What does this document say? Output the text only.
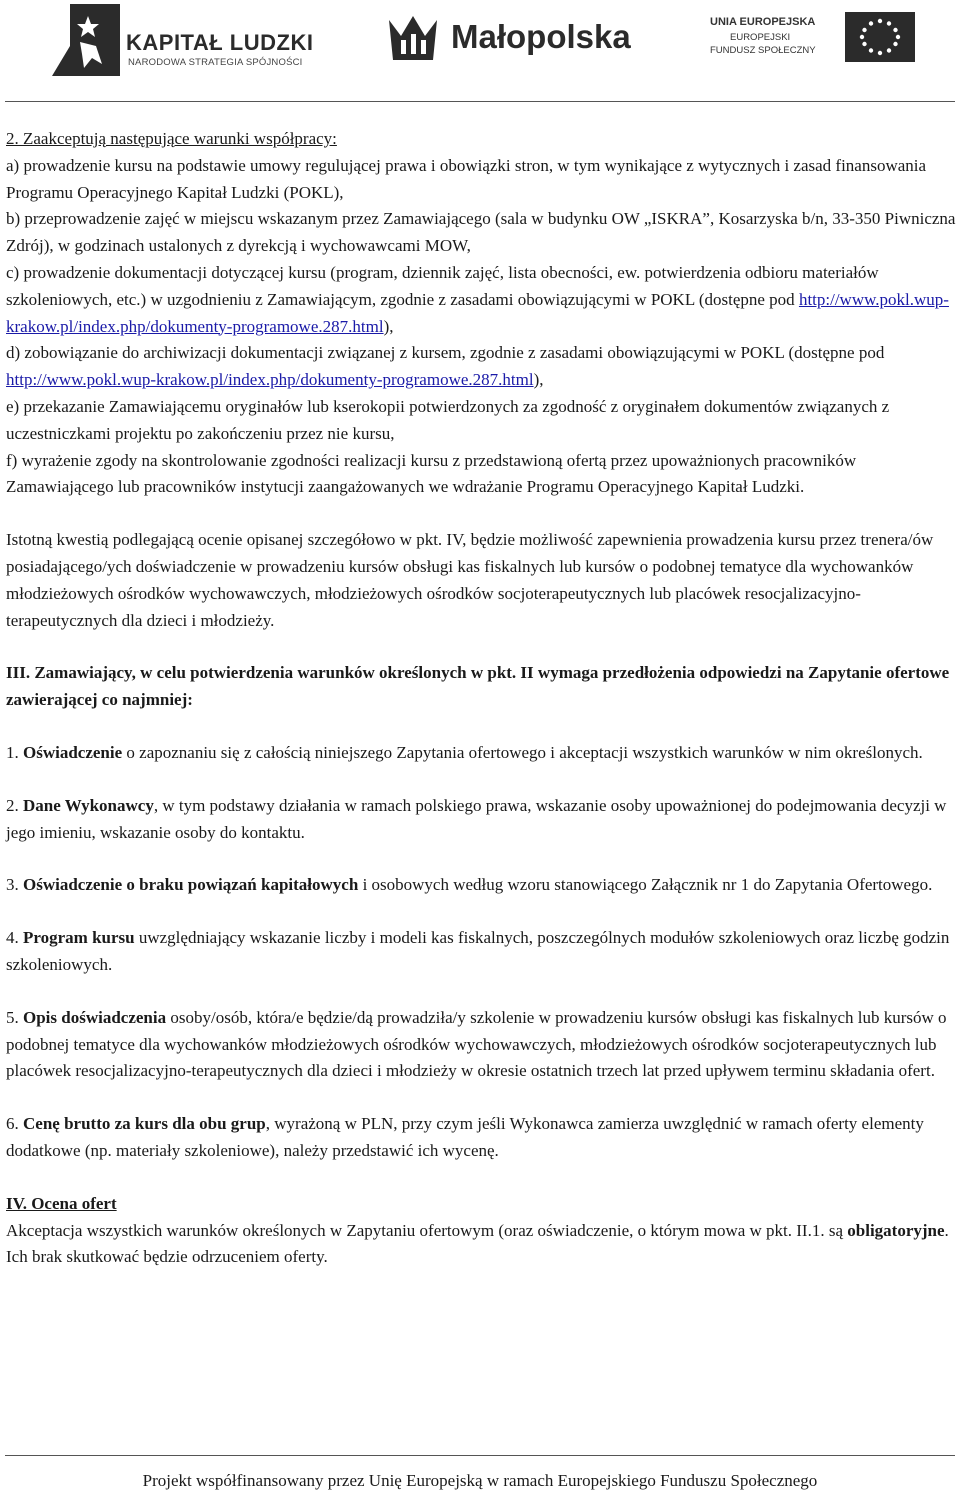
KAPITAŁ LUDZKI
NARODOWA STRATEGIA SPÓJNOŚCI
Małopolska	UNIA EUROPEJSKA
EUROPEJSKI
FUNDUSZ SPOŁECZNY

2. Zaakceptują następujące warunki współpracy:

a) prowadzenie kursu na podstawie umowy regulującej prawa i obowiązki stron, w tym wynikające z wytycznych i zasad finansowania Programu Operacyjnego Kapitał Ludzki (POKL),

b) przeprowadzenie zajęć w miejscu wskazanym przez Zamawiającego (sala w budynku OW „ISKRA”, Kosarzyska b/n, 33-350 Piwniczna Zdrój), w godzinach ustalonych z dyrekcją i wychowawcami MOW,

c) prowadzenie dokumentacji dotyczącej kursu (program, dziennik zajęć, lista obecności, ew. potwierdzenia odbioru materiałów szkoleniowych, etc.) w uzgodnieniu z Zamawiającym, zgodnie z zasadami obowiązującymi w POKL (dostępne pod http://www.pokl.wup-krakow.pl/index.php/dokumenty-programowe.287.html),

d) zobowiązanie do archiwizacji dokumentacji związanej z kursem, zgodnie z zasadami obowiązującymi w POKL (dostępne pod http://www.pokl.wup-krakow.pl/index.php/dokumenty-programowe.287.html),

e) przekazanie Zamawiającemu oryginałów lub kserokopii potwierdzonych za zgodność z oryginałem dokumentów związanych z uczestniczkami projektu po zakończeniu przez nie kursu,

f) wyrażenie zgody na skontrolowanie zgodności realizacji kursu z przedstawioną ofertą przez upoważnionych pracowników Zamawiającego lub pracowników instytucji zaangażowanych we wdrażanie Programu Operacyjnego Kapitał Ludzki.

Istotną kwestią podlegającą ocenie opisanej szczegółowo w pkt. IV, będzie możliwość zapewnienia prowadzenia kursu przez trenera/ów posiadającego/ych doświadczenie w prowadzeniu kursów obsługi kas fiskalnych lub kursów o podobnej tematyce dla wychowanków młodzieżowych ośrodków wychowawczych, młodzieżowych ośrodków socjoterapeutycznych lub placówek resocjalizacyjno-terapeutycznych dla dzieci i młodzieży.

III. Zamawiający, w celu potwierdzenia warunków określonych w pkt. II wymaga przedłożenia odpowiedzi na Zapytanie ofertowe zawierającej co najmniej:

1. Oświadczenie o zapoznaniu się z całością niniejszego Zapytania ofertowego i akceptacji wszystkich warunków w nim określonych.

2. Dane Wykonawcy, w tym podstawy działania w ramach polskiego prawa, wskazanie osoby upoważnionej do podejmowania decyzji w jego imieniu, wskazanie osoby do kontaktu.

3. Oświadczenie o braku powiązań kapitałowych i osobowych według wzoru stanowiącego Załącznik nr 1 do Zapytania Ofertowego.

4. Program kursu uwzględniający wskazanie liczby i modeli kas fiskalnych, poszczególnych modułów szkoleniowych oraz liczbę godzin szkoleniowych.

5. Opis doświadczenia osoby/osób, która/e będzie/dą prowadziła/y szkolenie w prowadzeniu kursów obsługi kas fiskalnych lub kursów o podobnej tematyce dla wychowanków młodzieżowych ośrodków wychowawczych, młodzieżowych ośrodków socjoterapeutycznych lub placówek resocjalizacyjno-terapeutycznych dla dzieci i młodzieży w okresie ostatnich trzech lat przed upływem terminu składania ofert.

6. Cenę brutto za kurs dla obu grup, wyrażoną w PLN, przy czym jeśli Wykonawca zamierza uwzględnić w ramach oferty elementy dodatkowe (np. materiały szkoleniowe), należy przedstawić ich wycenę.

IV. Ocena ofert

Akceptacja wszystkich warunków określonych w Zapytaniu ofertowym (oraz oświadczenie, o którym mowa w pkt. II.1. są obligatoryjne. Ich brak skutkować będzie odrzuceniem oferty.

Projekt współfinansowany przez Unię Europejską w ramach Europejskiego Funduszu Społecznego
